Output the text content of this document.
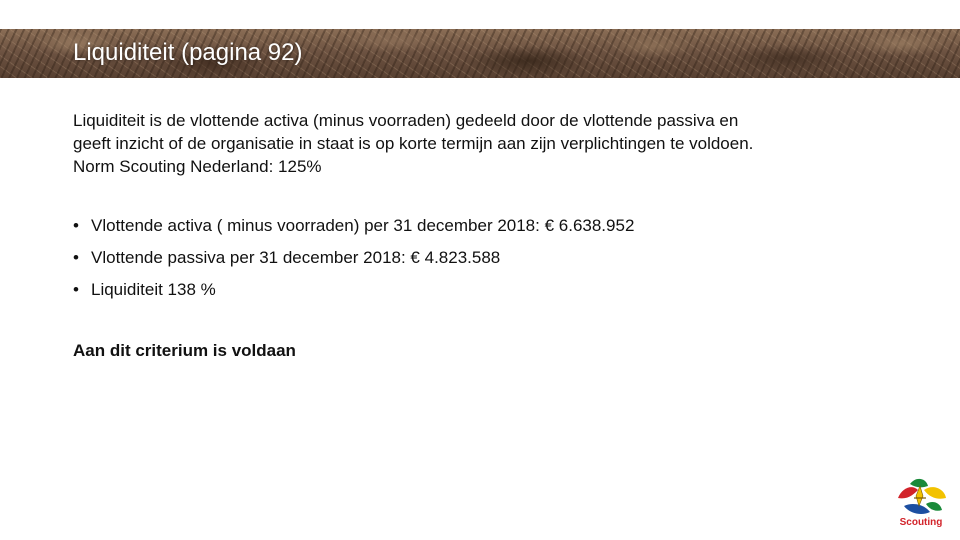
Liquiditeit (pagina 92)

Liquiditeit is de vlottende activa (minus voorraden) gedeeld door de vlottende passiva en
geeft inzicht of de organisatie in staat is op korte termijn aan zijn verplichtingen te voldoen.
Norm Scouting Nederland: 125%

• Vlottende activa ( minus voorraden) per 31 december 2018: € 6.638.952
• Vlottende passiva per 31 december 2018: € 4.823.588
• Liquiditeit 138 %

Aan dit criterium is voldaan

Scouting
